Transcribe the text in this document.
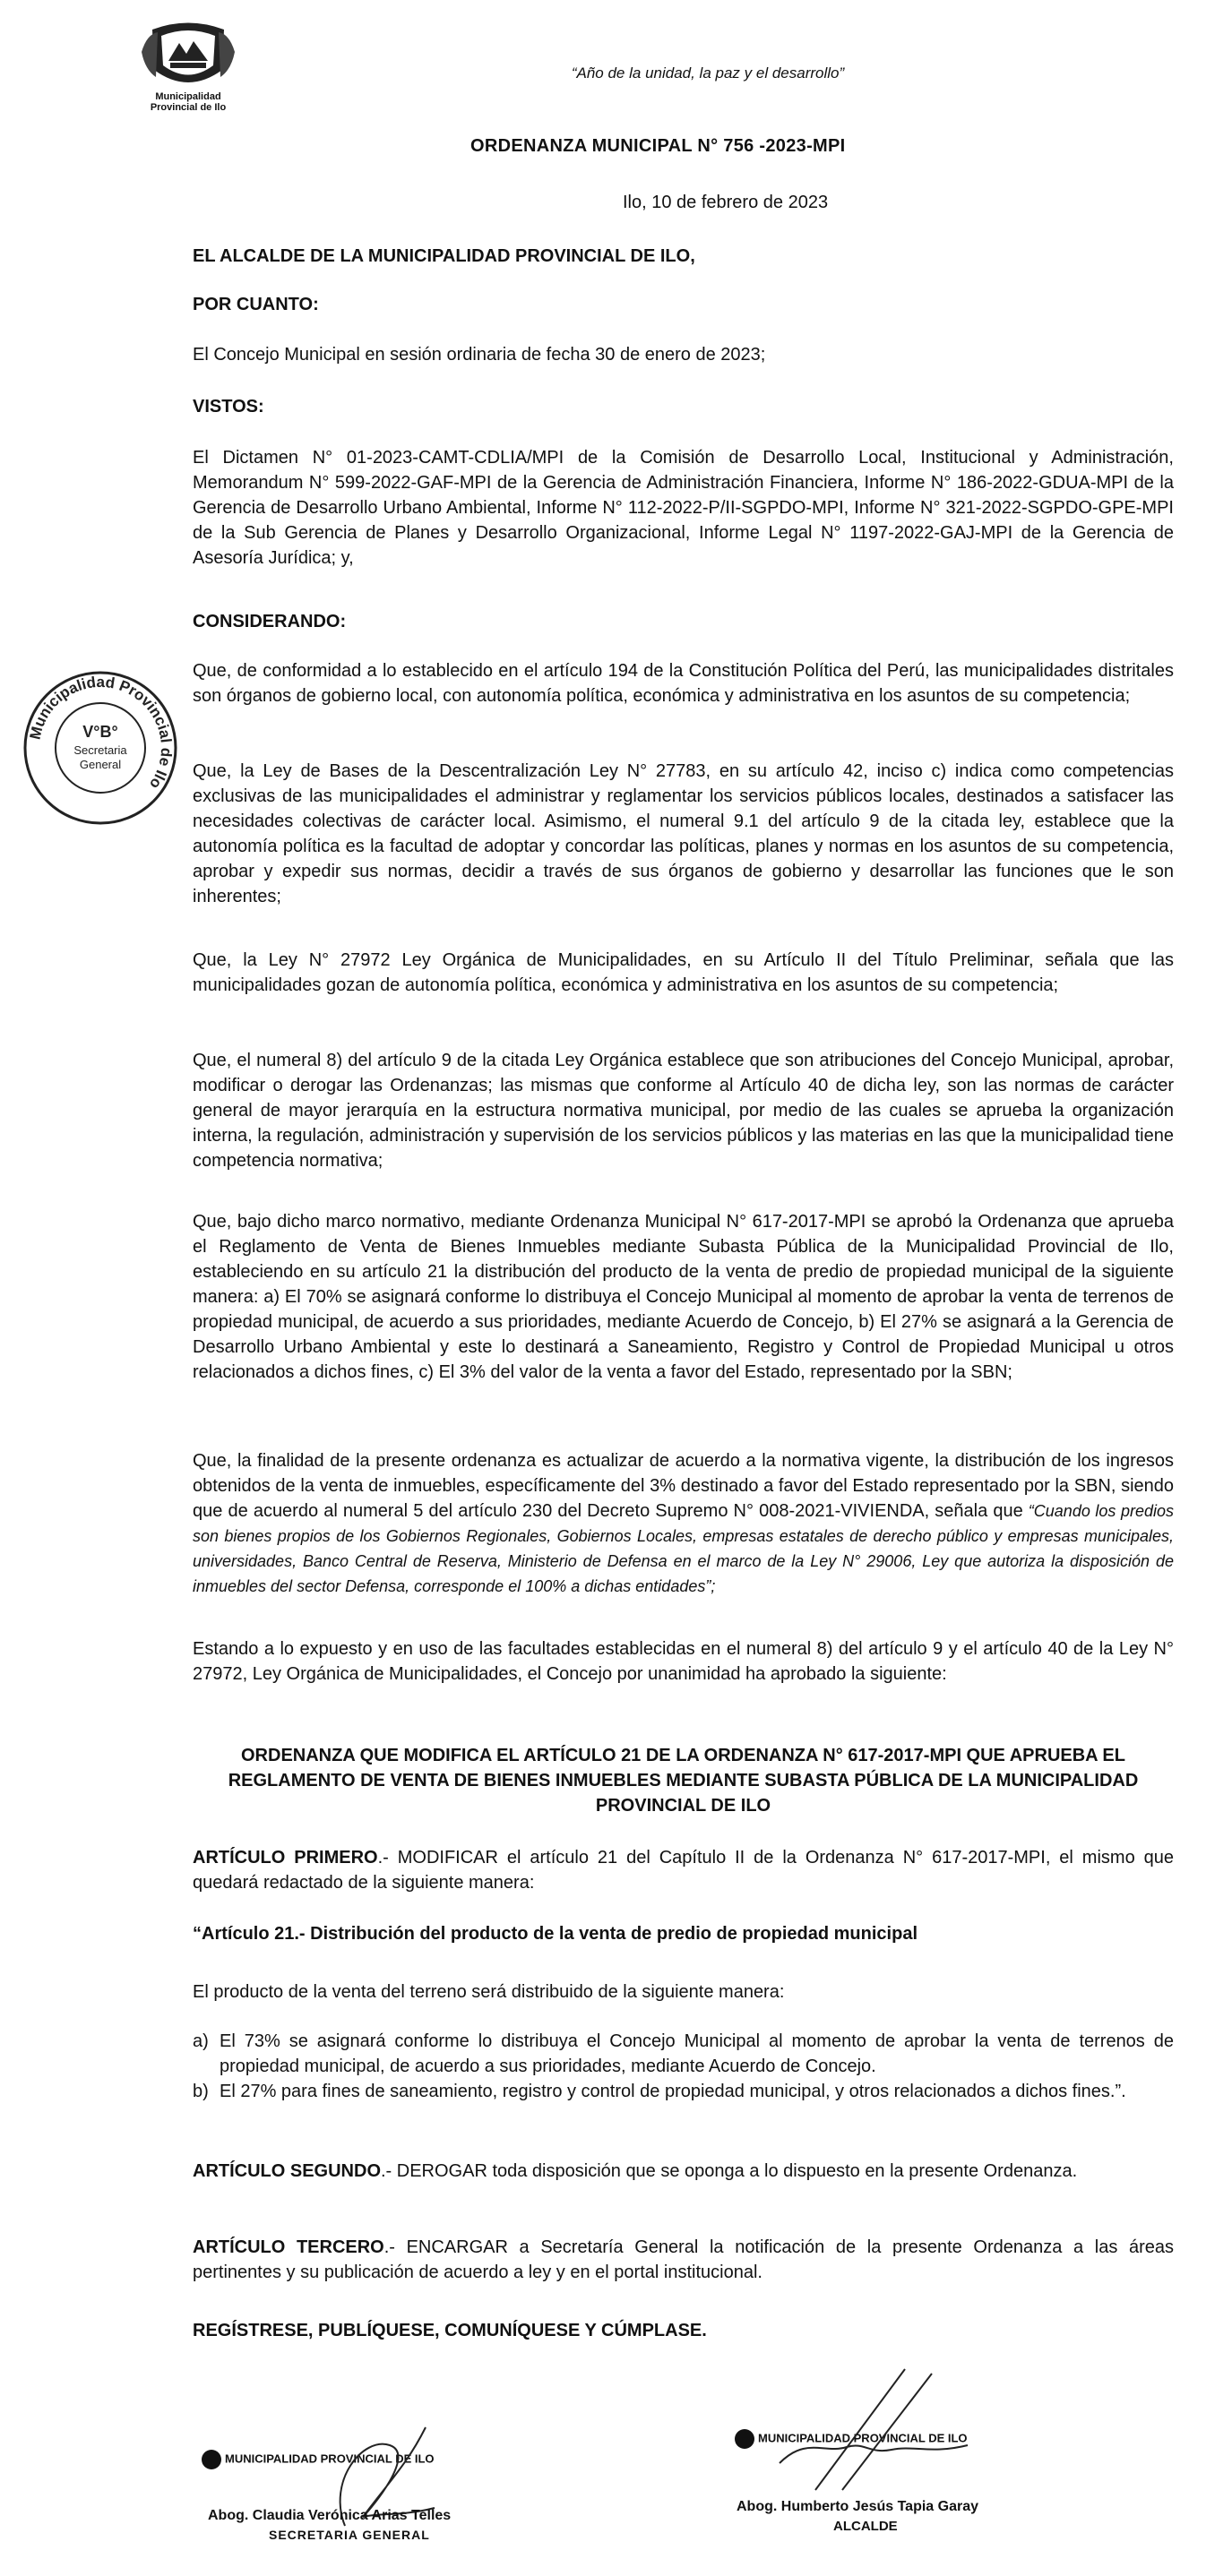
Municipalidad
Provincial de Ilo
“Año de la unidad, la paz y el desarrollo”
ORDENANZA MUNICIPAL N° 756 -2023-MPI
Ilo, 10 de febrero de 2023

EL ALCALDE DE LA MUNICIPALIDAD PROVINCIAL DE ILO,

POR CUANTO:

El Concejo Municipal en sesión ordinaria de fecha 30 de enero de 2023;

VISTOS:

El Dictamen N° 01-2023-CAMT-CDLIA/MPI de la Comisión de Desarrollo Local, Institucional y Administración, Memorandum N° 599-2022-GAF-MPI de la Gerencia de Administración Financiera, Informe N° 186-2022-GDUA-MPI de la Gerencia de Desarrollo Urbano Ambiental, Informe N° 112-2022-P/II-SGPDO-MPI, Informe N° 321-2022-SGPDO-GPE-MPI de la Sub Gerencia de Planes y Desarrollo Organizacional, Informe Legal N° 1197-2022-GAJ-MPI de la Gerencia de Asesoría Jurídica; y,

CONSIDERANDO:

Municipalidad Provincial de Ilo
V°B°
Secretaria
General

Que, de conformidad a lo establecido en el artículo 194 de la Constitución Política del Perú, las municipalidades distritales son órganos de gobierno local, con autonomía política, económica y administrativa en los asuntos de su competencia;

Que, la Ley de Bases de la Descentralización Ley N° 27783, en su artículo 42, inciso c) indica como competencias exclusivas de las municipalidades el administrar y reglamentar los servicios públicos locales, destinados a satisfacer las necesidades colectivas de carácter local. Asimismo, el numeral 9.1 del artículo 9 de la citada ley, establece que la autonomía política es la facultad de adoptar y concordar las políticas, planes y normas en los asuntos de su competencia, aprobar y expedir sus normas, decidir a través de sus órganos de gobierno y desarrollar las funciones que le son inherentes;

Que, la Ley N° 27972 Ley Orgánica de Municipalidades, en su Artículo II del Título Preliminar, señala que las municipalidades gozan de autonomía política, económica y administrativa en los asuntos de su competencia;

Que, el numeral 8) del artículo 9 de la citada Ley Orgánica establece que son atribuciones del Concejo Municipal, aprobar, modificar o derogar las Ordenanzas; las mismas que conforme al Artículo 40 de dicha ley, son las normas de carácter general de mayor jerarquía en la estructura normativa municipal, por medio de las cuales se aprueba la organización interna, la regulación, administración y supervisión de los servicios públicos y las materias en las que la municipalidad tiene competencia normativa;

Que, bajo dicho marco normativo, mediante Ordenanza Municipal N° 617-2017-MPI se aprobó la Ordenanza que aprueba el Reglamento de Venta de Bienes Inmuebles mediante Subasta Pública de la Municipalidad Provincial de Ilo, estableciendo en su artículo 21 la distribución del producto de la venta de predio de propiedad municipal de la siguiente manera: a) El 70% se asignará conforme lo distribuya el Concejo Municipal al momento de aprobar la venta de terrenos de propiedad municipal, de acuerdo a sus prioridades, mediante Acuerdo de Concejo, b) El 27% se asignará a la Gerencia de Desarrollo Urbano Ambiental y este lo destinará a Saneamiento, Registro y Control de Propiedad Municipal u otros relacionados a dichos fines, c) El 3% del valor de la venta a favor del Estado, representado por la SBN;

Que, la finalidad de la presente ordenanza es actualizar de acuerdo a la normativa vigente, la distribución de los ingresos obtenidos de la venta de inmuebles, específicamente del 3% destinado a favor del Estado representado por la SBN, siendo que de acuerdo al numeral 5 del artículo 230 del Decreto Supremo N° 008-2021-VIVIENDA, señala que “Cuando los predios son bienes propios de los Gobiernos Regionales, Gobiernos Locales, empresas estatales de derecho público y empresas municipales, universidades, Banco Central de Reserva, Ministerio de Defensa en el marco de la Ley N° 29006, Ley que autoriza la disposición de inmuebles del sector Defensa, corresponde el 100% a dichas entidades”;

Estando a lo expuesto y en uso de las facultades establecidas en el numeral 8) del artículo 9 y el artículo 40 de la Ley N° 27972, Ley Orgánica de Municipalidades, el Concejo por unanimidad ha aprobado la siguiente:

ORDENANZA QUE MODIFICA EL ARTÍCULO 21 DE LA ORDENANZA N° 617-2017-MPI QUE APRUEBA EL REGLAMENTO DE VENTA DE BIENES INMUEBLES MEDIANTE SUBASTA PÚBLICA DE LA MUNICIPALIDAD PROVINCIAL DE ILO

ARTÍCULO PRIMERO.- MODIFICAR el artículo 21 del Capítulo II de la Ordenanza N° 617-2017-MPI, el mismo que quedará redactado de la siguiente manera:

“Artículo 21.- Distribución del producto de la venta de predio de propiedad municipal

El producto de la venta del terreno será distribuido de la siguiente manera:

a) El 73% se asignará conforme lo distribuya el Concejo Municipal al momento de aprobar la venta de terrenos de propiedad municipal, de acuerdo a sus prioridades, mediante Acuerdo de Concejo.
b) El 27% para fines de saneamiento, registro y control de propiedad municipal, y otros relacionados a dichos fines.”.

ARTÍCULO SEGUNDO.- DEROGAR toda disposición que se oponga a lo dispuesto en la presente Ordenanza.

ARTÍCULO TERCERO.- ENCARGAR a Secretaría General la notificación de la presente Ordenanza a las áreas pertinentes y su publicación de acuerdo a ley y en el portal institucional.

REGÍSTRESE, PUBLÍQUESE, COMUNÍQUESE Y CÚMPLASE.

MUNICIPALIDAD PROVINCIAL DE ILO
Abog. Claudia Verónica Arias Telles
SECRETARIA GENERAL
MUNICIPALIDAD PROVINCIAL DE ILO
Abog. Humberto Jesús Tapia Garay
ALCALDE
